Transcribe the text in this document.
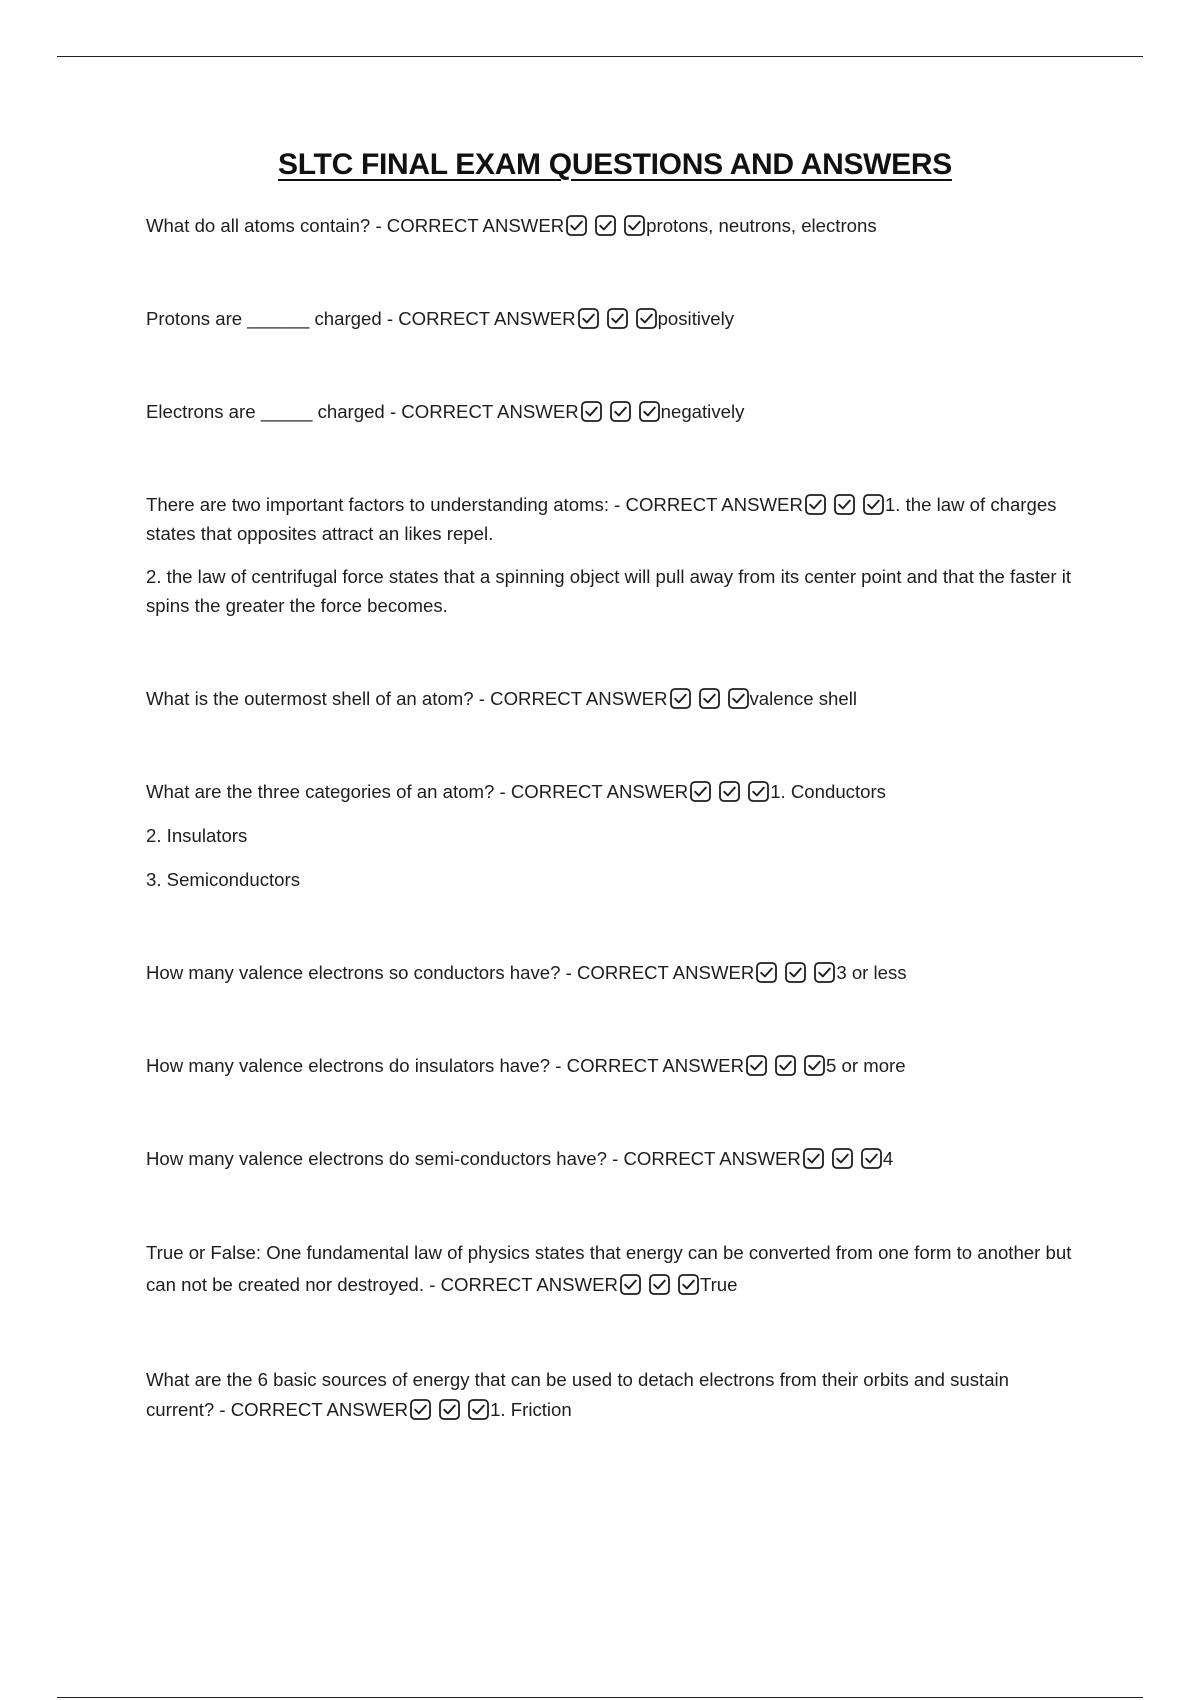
SLTC FINAL EXAM QUESTIONS AND ANSWERS

What do all atoms contain? - CORRECT ANSWER	protons, neutrons, electrons

Protons are ______ charged - CORRECT ANSWER	positively

Electrons are _____ charged - CORRECT ANSWER	negatively

There are two important factors to understanding atoms: - CORRECT ANSWER	1. the law of charges states that opposites attract an likes repel.

2. the law of centrifugal force states that a spinning object will pull away from its center point and that the faster it spins the greater the force becomes.

What is the outermost shell of an atom? - CORRECT ANSWER	valence shell

What are the three categories of an atom? - CORRECT ANSWER	1. Conductors

2. Insulators

3. Semiconductors

How many valence electrons so conductors have? - CORRECT ANSWER	3 or less

How many valence electrons do insulators have? - CORRECT ANSWER	5 or more

How many valence electrons do semi-conductors have? - CORRECT ANSWER	4

True or False: One fundamental law of physics states that energy can be converted from one form to another but can not be created nor destroyed. - CORRECT ANSWER	True

What are the 6 basic sources of energy that can be used to detach electrons from their orbits and sustain current? - CORRECT ANSWER	1. Friction
